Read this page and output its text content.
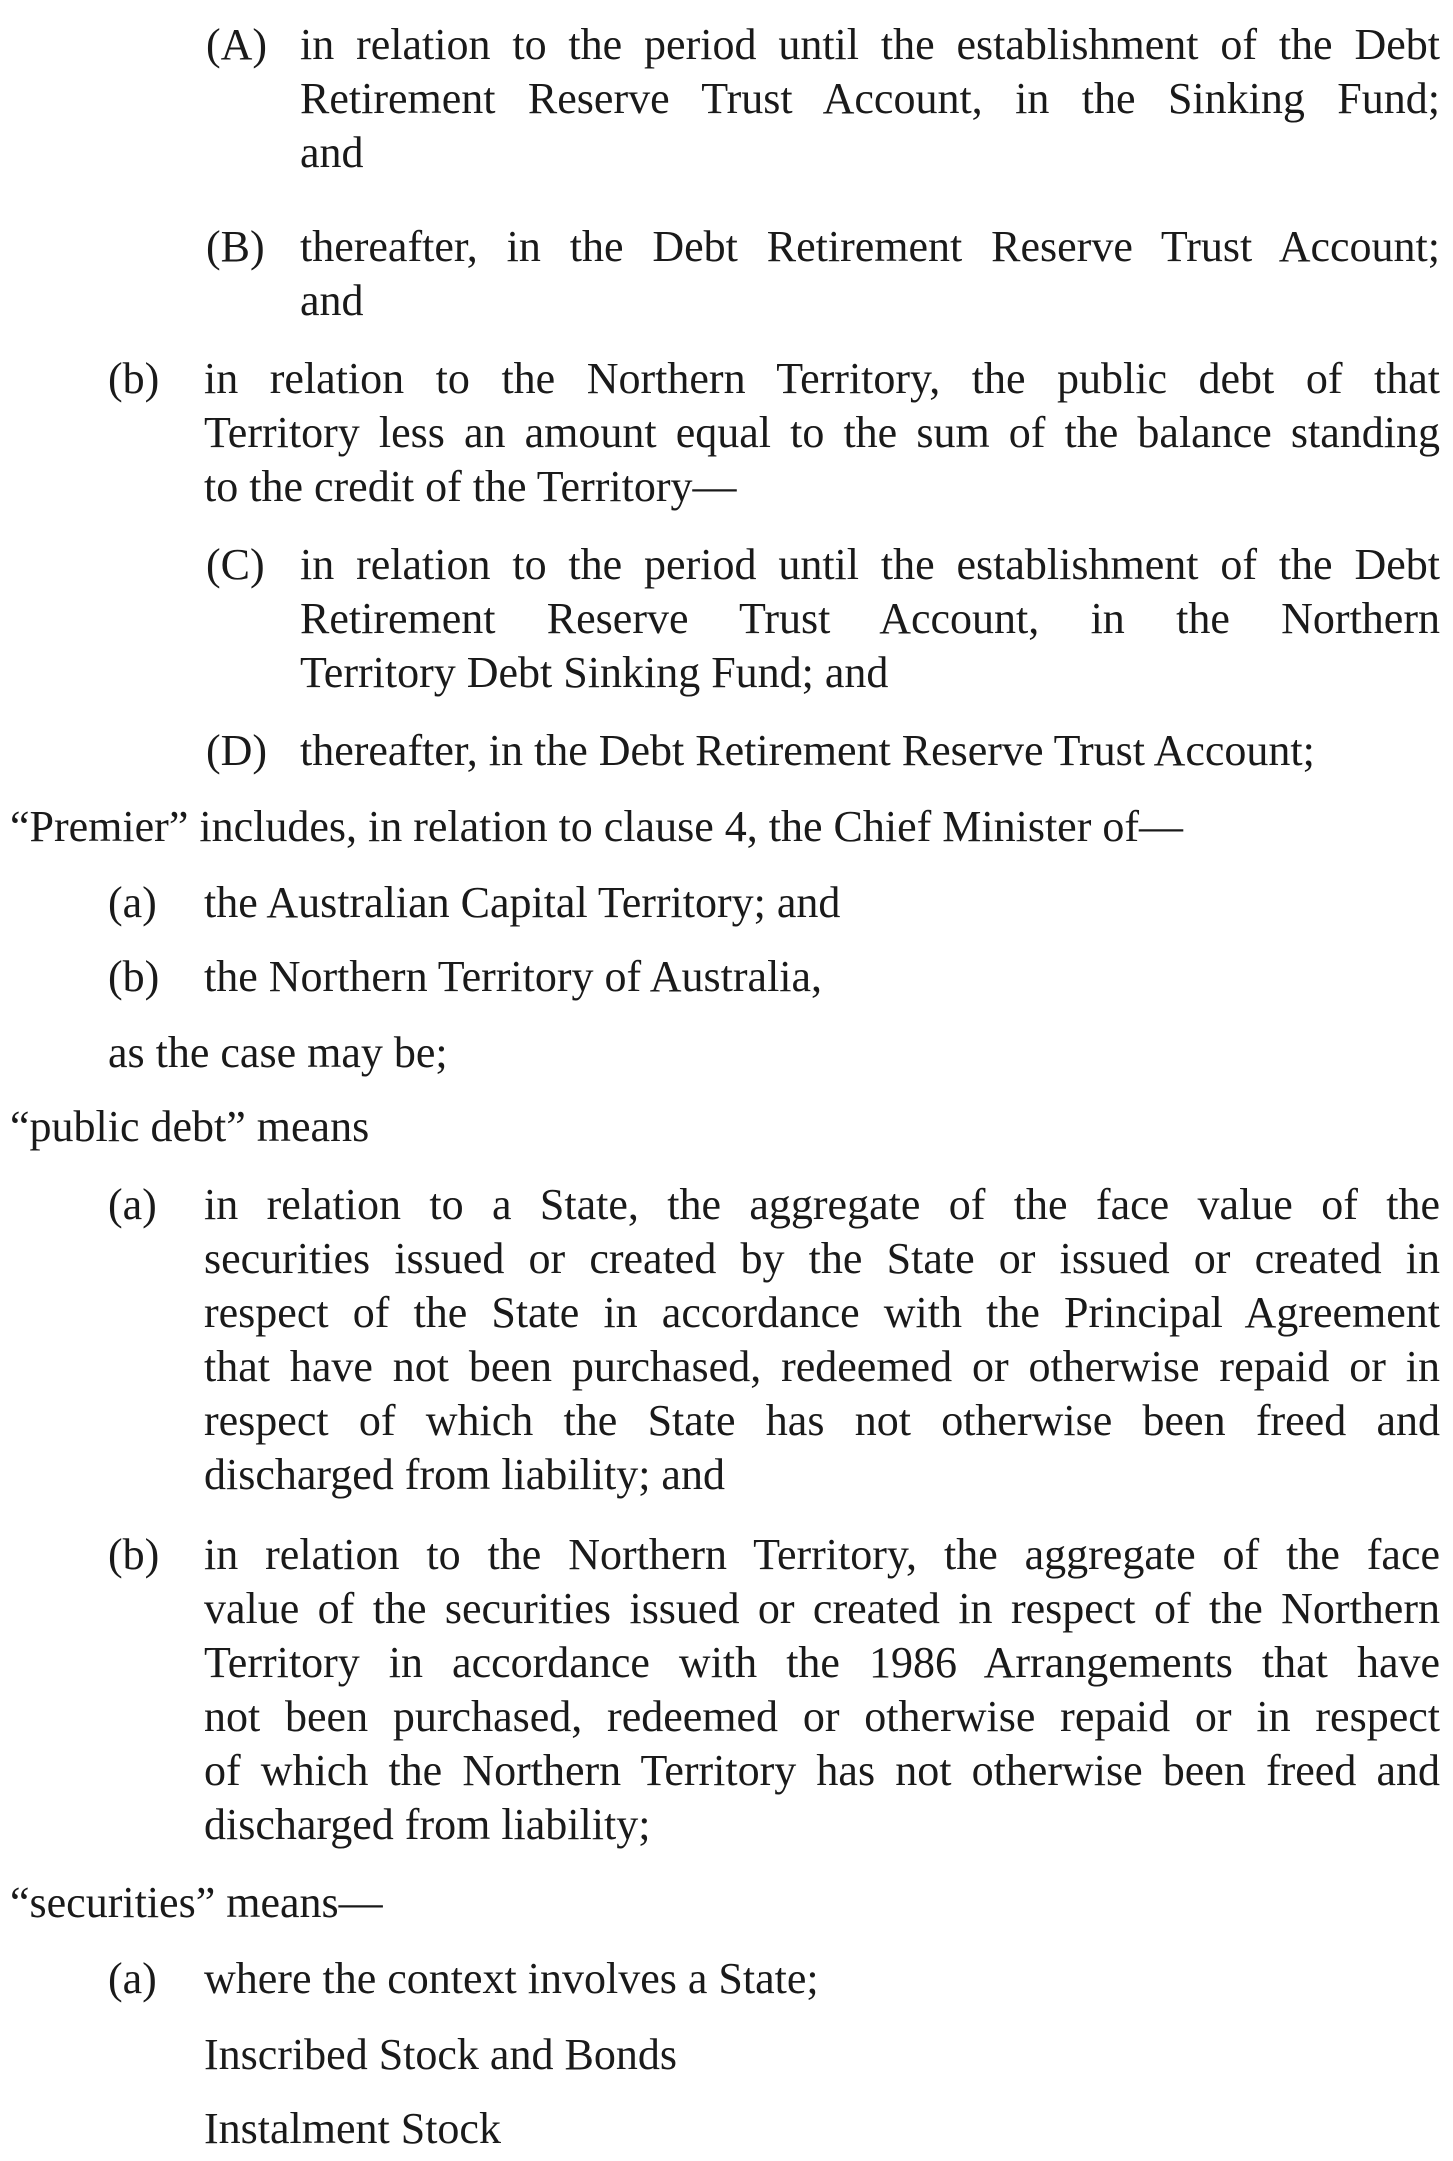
(A) in relation to the period until the establishment of the Debt
Retirement Reserve Trust Account, in the Sinking Fund;
and
(B) thereafter, in the Debt Retirement Reserve Trust Account;
and
(b) in relation to the Northern Territory, the public debt of that
Territory less an amount equal to the sum of the balance standing
to the credit of the Territory—
(C) in relation to the period until the establishment of the Debt
Retirement Reserve Trust Account, in the Northern
Territory Debt Sinking Fund; and
(D) thereafter, in the Debt Retirement Reserve Trust Account;
“Premier” includes, in relation to clause 4, the Chief Minister of—
(a) the Australian Capital Territory; and
(b) the Northern Territory of Australia,
as the case may be;
“public debt” means
(a) in relation to a State, the aggregate of the face value of the
securities issued or created by the State or issued or created in
respect of the State in accordance with the Principal Agreement
that have not been purchased, redeemed or otherwise repaid or in
respect of which the State has not otherwise been freed and
discharged from liability; and
(b) in relation to the Northern Territory, the aggregate of the face
value of the securities issued or created in respect of the Northern
Territory in accordance with the 1986 Arrangements that have
not been purchased, redeemed or otherwise repaid or in respect
of which the Northern Territory has not otherwise been freed and
discharged from liability;
“securities” means—
(a) where the context involves a State;
Inscribed Stock and Bonds
Instalment Stock
